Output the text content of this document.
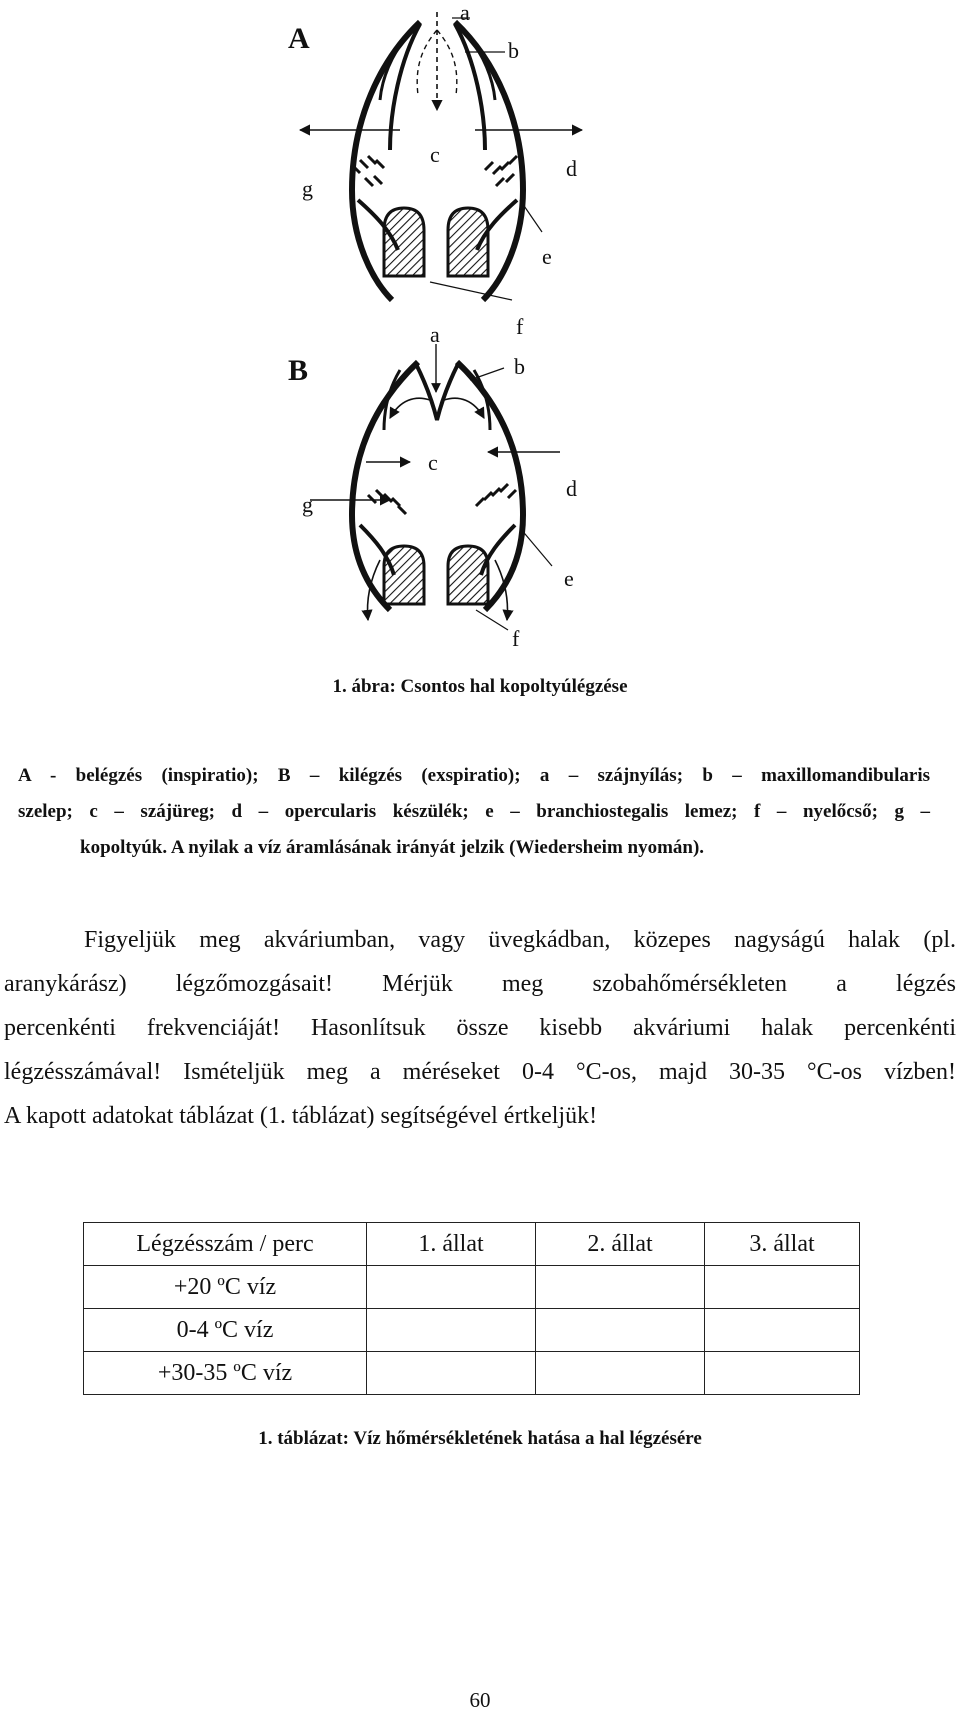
A
a
b
c
d
e
f
g
B
a
b
c
d
e
f
g
1. ábra: Csontos hal kopoltyúlégzése
A - belégzés (inspiratio); B – kilégzés (exspiratio); a – szájnyílás; b – maxillomandibularis
szelep; c – szájüreg; d – opercularis készülék; e – branchiostegalis lemez; f – nyelőcső; g –
kopoltyúk. A nyilak a víz áramlásának irányát jelzik (Wiedersheim nyomán).
Figyeljük meg akváriumban, vagy üvegkádban, közepes nagyságú halak (pl.
aranykárász) légzőmozgásait! Mérjük meg szobahőmérsékleten a légzés
percenkénti frekvenciáját! Hasonlítsuk össze kisebb akváriumi halak percenkénti
légzésszámával! Ismételjük meg a méréseket 0-4 °C-os, majd 30-35 °C-os vízben!
A kapott adatokat táblázat (1. táblázat) segítségével értkeljük!
Légzésszám / perc	1. állat	2. állat	3. állat
+20 ºC víz			
0-4 ºC víz			
+30-35 ºC víz			
1. táblázat: Víz hőmérsékletének hatása a hal légzésére
60
